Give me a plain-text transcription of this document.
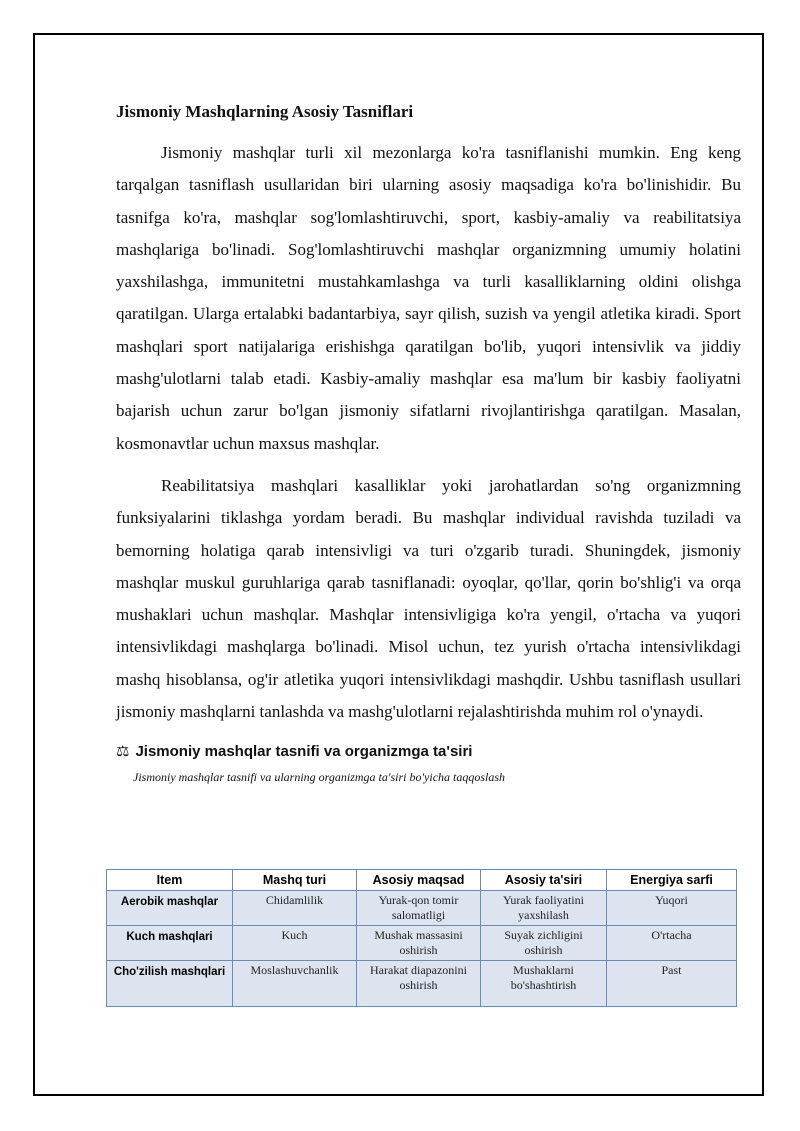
Jismoniy Mashqlarning Asosiy Tasniflari

Jismoniy mashqlar turli xil mezonlarga ko'ra tasniflanishi mumkin. Eng keng tarqalgan tasniflash usullaridan biri ularning asosiy maqsadiga ko'ra bo'linishidir. Bu tasnifga ko'ra, mashqlar sog'lomlashtiruvchi, sport, kasbiy-amaliy va reabilitatsiya mashqlariga bo'linadi. Sog'lomlashtiruvchi mashqlar organizmning umumiy holatini yaxshilashga, immunitetni mustahkamlashga va turli kasalliklarning oldini olishga qaratilgan. Ularga ertalabki badantarbiya, sayr qilish, suzish va yengil atletika kiradi. Sport mashqlari sport natijalariga erishishga qaratilgan bo'lib, yuqori intensivlik va jiddiy mashg'ulotlarni talab etadi. Kasbiy-amaliy mashqlar esa ma'lum bir kasbiy faoliyatni bajarish uchun zarur bo'lgan jismoniy sifatlarni rivojlantirishga qaratilgan. Masalan, kosmonavtlar uchun maxsus mashqlar.

Reabilitatsiya mashqlari kasalliklar yoki jarohatlardan so'ng organizmning funksiyalarini tiklashga yordam beradi. Bu mashqlar individual ravishda tuziladi va bemorning holatiga qarab intensivligi va turi o'zgarib turadi. Shuningdek, jismoniy mashqlar muskul guruhlariga qarab tasniflanadi: oyoqlar, qo'llar, qorin bo'shlig'i va orqa mushaklari uchun mashqlar. Mashqlar intensivligiga ko'ra yengil, o'rtacha va yuqori intensivlikdagi mashqlarga bo'linadi. Misol uchun, tez yurish o'rtacha intensivlikdagi mashq hisoblansa, og'ir atletika yuqori intensivlikdagi mashqdir. Ushbu tasniflash usullari jismoniy mashqlarni tanlashda va mashg'ulotlarni rejalashtirishda muhim rol o'ynaydi.

⚖ Jismoniy mashqlar tasnifi va organizmga ta'siri
Jismoniy mashqlar tasnifi va ularning organizmga ta'siri bo'yicha taqqoslash
Item	Mashq turi	Asosiy maqsad	Asosiy ta'siri	Energiya sarfi
Aerobik mashqlar	Chidamlilik	Yurak-qon tomir salomatligi	Yurak faoliyatini yaxshilash	Yuqori
Kuch mashqlari	Kuch	Mushak massasini oshirish	Suyak zichligini oshirish	O'rtacha
Cho'zilish mashqlari	Moslashuvchanlik	Harakat diapazonini oshirish	Mushaklarni bo'shashtirish	Past
